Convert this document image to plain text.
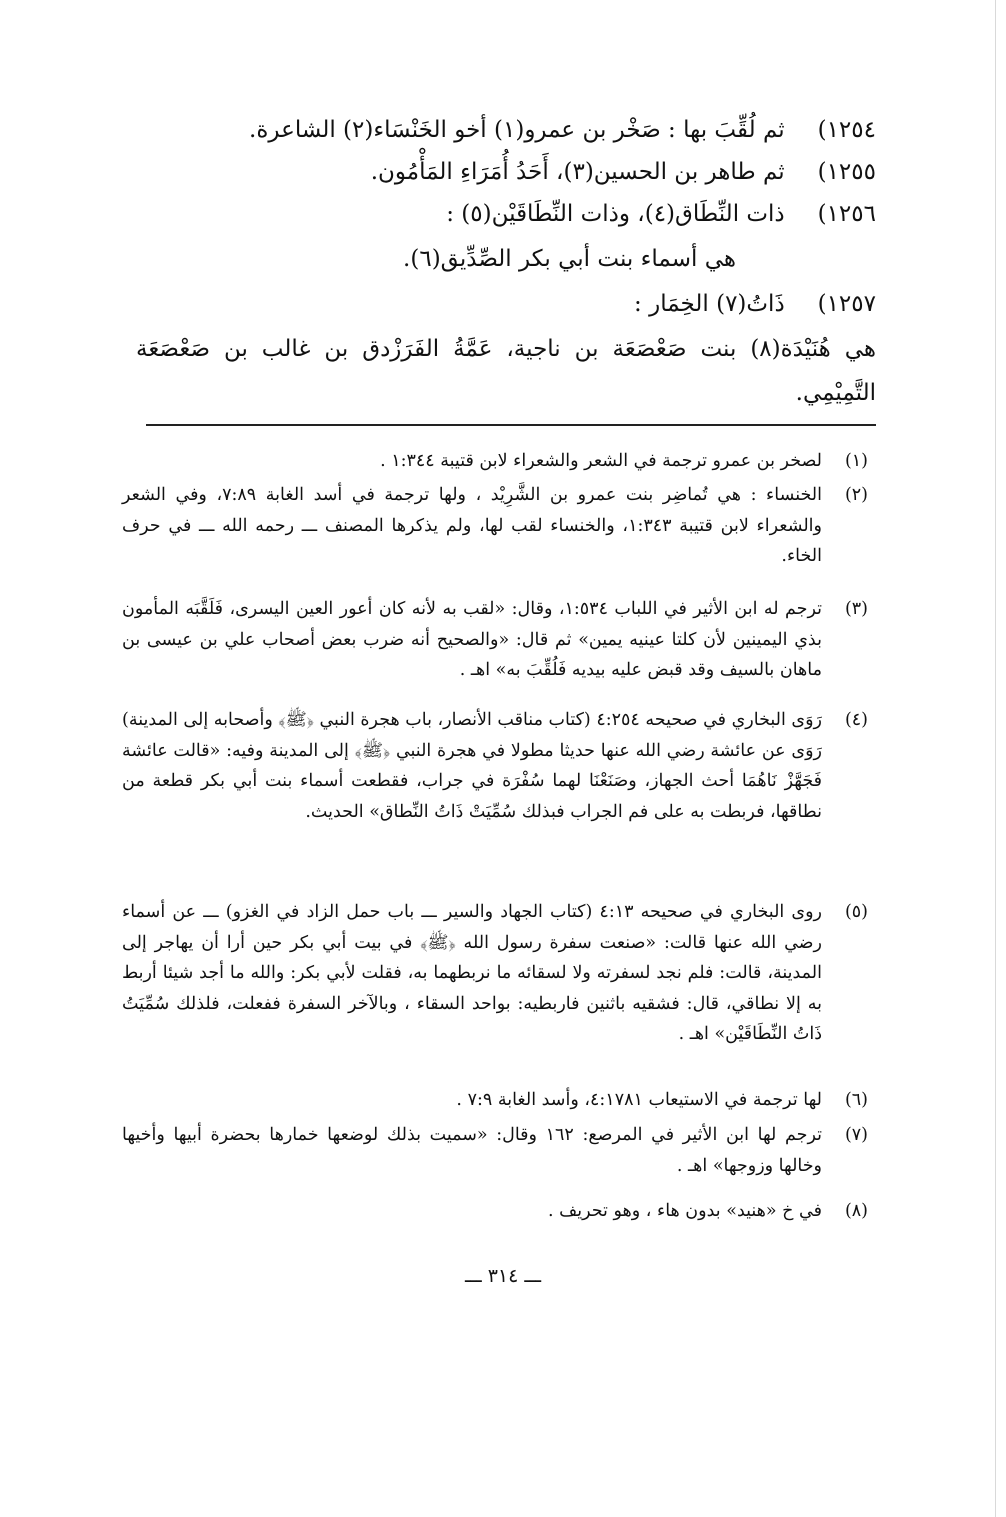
١٢٥٤) ثم لُقِّبَ بها : صَخْر بن عمرو(١) أخو الخَنْسَاء(٢) الشاعرة.
١٢٥٥) ثم طاهر بن الحسين(٣)، أَحَدُ أُمَرَاءِ المَأْمُون.
١٢٥٦) ذات النِّطَاق(٤)، وذات النِّطَاقَيْن(٥) :
هي أسماء بنت أبي بكر الصِّدِّيق(٦).
١٢٥٧) ذَاتُ(٧) الخِمَار :
هي هُنَيْدَة(٨) بنت صَعْصَعَة بن ناجية، عَمَّةُ الفَرَزْدق بن غالب بن صَعْصَعَة التَّمِيْمِي.
(١)
لصخر بن عمرو ترجمة في الشعر والشعراء لابن قتيبة ١:٣٤٤ .
(٢)
الخنساء : هي تُماضِر بنت عمرو بن الشَّرِيْد ، ولها ترجمة في أسد الغابة ٧:٨٩، وفي الشعر والشعراء لابن قتيبة ١:٣٤٣، والخنساء لقب لها، ولم يذكرها المصنف ـــ رحمه الله ـــ في حرف الخاء.
(٣)
ترجم له ابن الأثير في اللباب ١:٥٣٤، وقال: «لقب به لأنه كان أعور العين اليسرى، فَلَقَّبَه المأمون بذي اليمينين لأن كلتا عينيه يمين» ثم قال: «والصحيح أنه ضرب بعض أصحاب علي بن عيسى بن ماهان بالسيف وقد قبض عليه بيديه فَلُقِّبَ به» اهـ .
(٤)
رَوَى البخاري في صحيحه ٤:٢٥٤ (كتاب مناقب الأنصار، باب هجرة النبي ﴿ﷺ﴾ وأصحابه إلى المدينة) رَوَى عن عائشة رضي الله عنها حديثا مطولا في هجرة النبي ﴿ﷺ﴾ إلى المدينة وفيه: «قالت عائشة فَجَهَّزْ نَاهُمَا أحث الجهاز، وصَنَعْنَا لهما سُفْرَة في جراب، فقطعت أسماء بنت أبي بكر قطعة من نطاقها، فربطت به على فم الجراب فبذلك سُمِّيَتْ ذَاتُ النِّطاق» الحديث.
(٥)
روى البخاري في صحيحه ٤:١٣ (كتاب الجهاد والسير ـــ باب حمل الزاد في الغزو) ـــ عن أسماء رضي الله عنها قالت: «صنعت سفرة رسول الله ﴿ﷺ﴾ في بيت أبي بكر حين أرا أن يهاجر إلى المدينة، قالت: فلم نجد لسفرته ولا لسقائه ما نربطهما به، فقلت لأبي بكر: والله ما أجد شيئا أربط به إلا نطاقي، قال: فشقيه باثنين فاربطيه: بواحد السقاء ، وبالآخر السفرة ففعلت، فلذلك سُمِّيَتُ ذَاتُ النِّطَاقَيْن» اهـ .
(٦)
لها ترجمة في الاستيعاب ٤:١٧٨١، وأسد الغابة ٧:٩ .
(٧)
ترجم لها ابن الأثير في المرصع: ١٦٢ وقال: «سميت بذلك لوضعها خمارها بحضرة أبيها وأخيها وخالها وزوجها» اهـ .
(٨)
في خ «هنيد» بدون هاء ، وهو تحريف .
ـــ ٣١٤ ـــ
